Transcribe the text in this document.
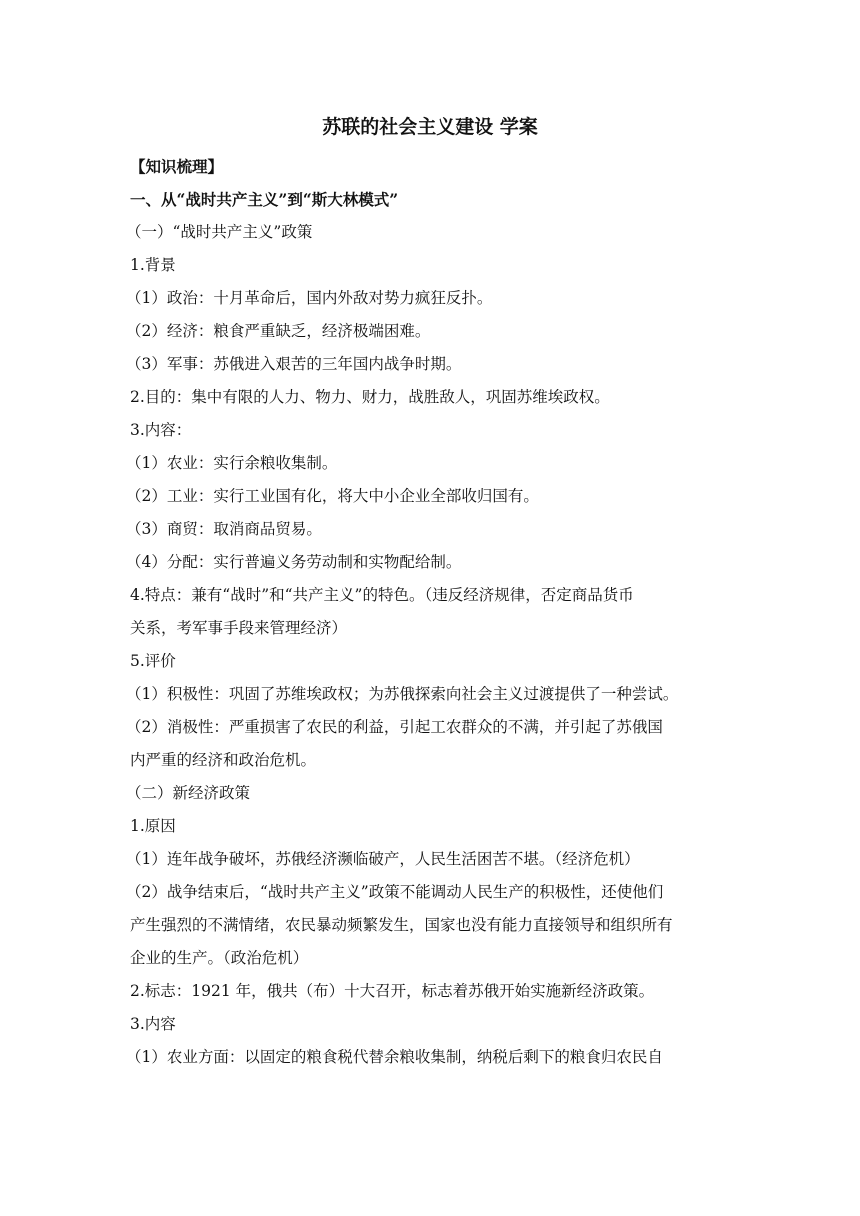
苏联的社会主义建设 学案

【知识梳理】

一、从“战时共产主义”到“斯大林模式”

（一）“战时共产主义”政策

1.背景

（1）政治：十月革命后，国内外敌对势力疯狂反扑。

（2）经济：粮食严重缺乏，经济极端困难。

（3）军事：苏俄进入艰苦的三年国内战争时期。

2.目的：集中有限的人力、物力、财力，战胜敌人，巩固苏维埃政权。

3.内容：

（1）农业：实行余粮收集制。

（2）工业：实行工业国有化，将大中小企业全部收归国有。

（3）商贸：取消商品贸易。

（4）分配：实行普遍义务劳动制和实物配给制。

4.特点：兼有“战时”和“共产主义”的特色。（违反经济规律，否定商品货币

关系，考军事手段来管理经济）

5.评价

（1）积极性：巩固了苏维埃政权；为苏俄探索向社会主义过渡提供了一种尝试。

（2）消极性：严重损害了农民的利益，引起工农群众的不满，并引起了苏俄国

内严重的经济和政治危机。

（二）新经济政策

1.原因

（1）连年战争破坏，苏俄经济濒临破产，人民生活困苦不堪。（经济危机）

（2）战争结束后，“战时共产主义”政策不能调动人民生产的积极性，还使他们

产生强烈的不满情绪，农民暴动频繁发生，国家也没有能力直接领导和组织所有

企业的生产。（政治危机）

2.标志：1921 年，俄共（布）十大召开，标志着苏俄开始实施新经济政策。

3.内容

（1）农业方面：以固定的粮食税代替余粮收集制，纳税后剩下的粮食归农民自
